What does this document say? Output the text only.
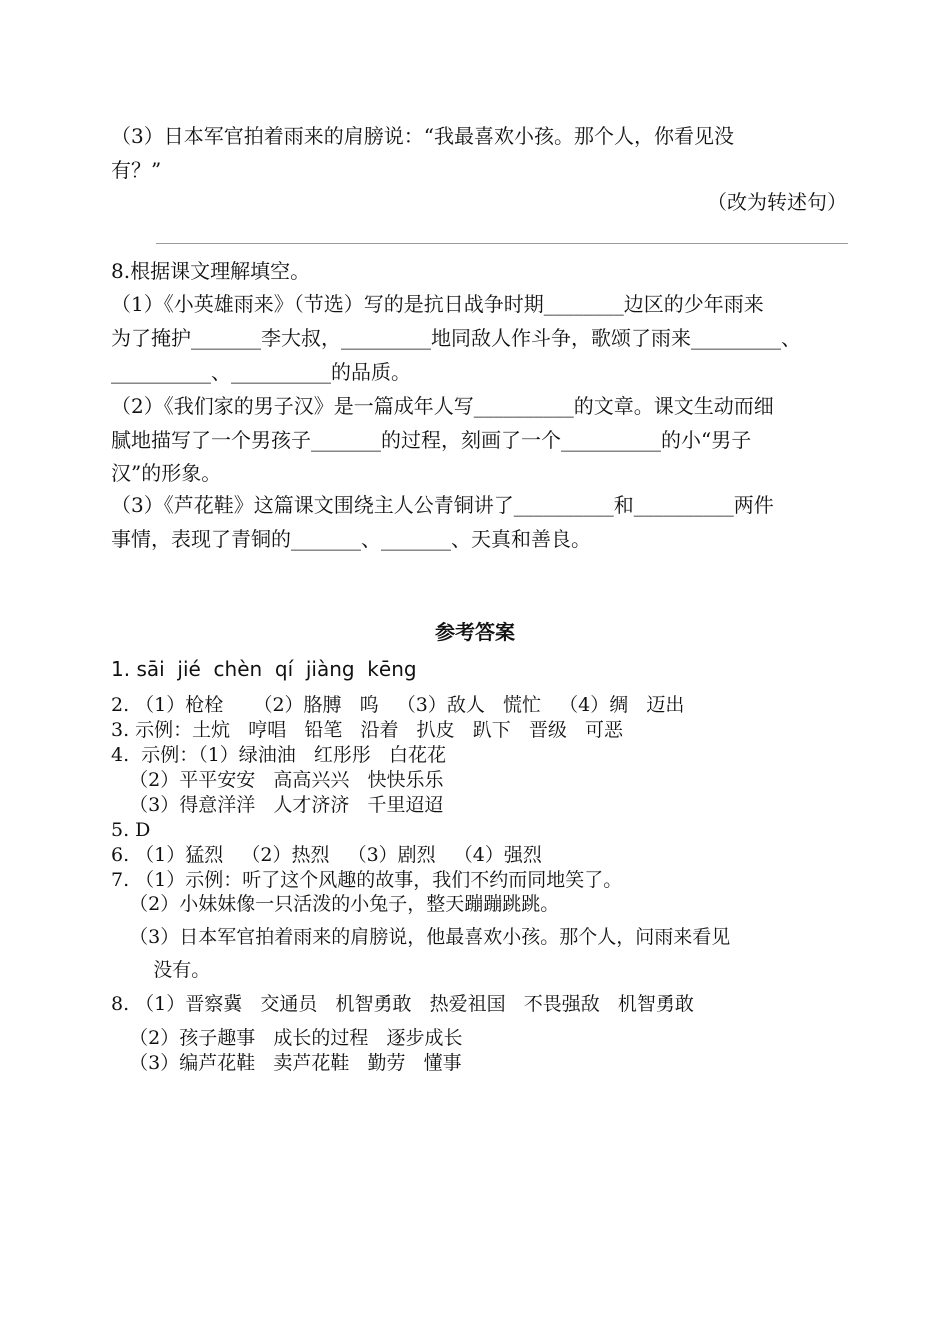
（3）日本军官拍着雨来的肩膀说：“我最喜欢小孩。那个人，你看见没
有？”
（改为转述句）
8.根据课文理解填空。
（1）《小英雄雨来》（节选）写的是抗日战争时期________边区的少年雨来
为了掩护_______李大叔，_________地同敌人作斗争，歌颂了雨来_________、
__________、__________的品质。
（2）《我们家的男子汉》是一篇成年人写__________的文章。课文生动而细
腻地描写了一个男孩子_______的过程，刻画了一个__________的小“男子
汉”的形象。
（3）《芦花鞋》这篇课文围绕主人公青铜讲了__________和__________两件
事情，表现了青铜的_______、_______、天真和善良。
参考答案
1. sāi  jié  chèn  qí  jiàng  kēng
2. （1）枪栓     （2）胳膊   呜   （3）敌人   慌忙   （4）绸   迈出
3. 示例：土炕   哼唱   铅笔   沿着   扒皮   趴下   晋级   可恶
4.  示例：（1）绿油油   红彤彤   白花花
（2）平平安安   高高兴兴   快快乐乐
（3）得意洋洋   人才济济   千里迢迢
5. D
6. （1）猛烈   （2）热烈   （3）剧烈   （4）强烈
7. （1）示例：听了这个风趣的故事，我们不约而同地笑了。
（2）小妹妹像一只活泼的小兔子，整天蹦蹦跳跳。
（3）日本军官拍着雨来的肩膀说，他最喜欢小孩。那个人，问雨来看见
没有。
8. （1）晋察冀   交通员   机智勇敢   热爱祖国   不畏强敌   机智勇敢
（2）孩子趣事   成长的过程   逐步成长
（3）编芦花鞋   卖芦花鞋   勤劳   懂事
